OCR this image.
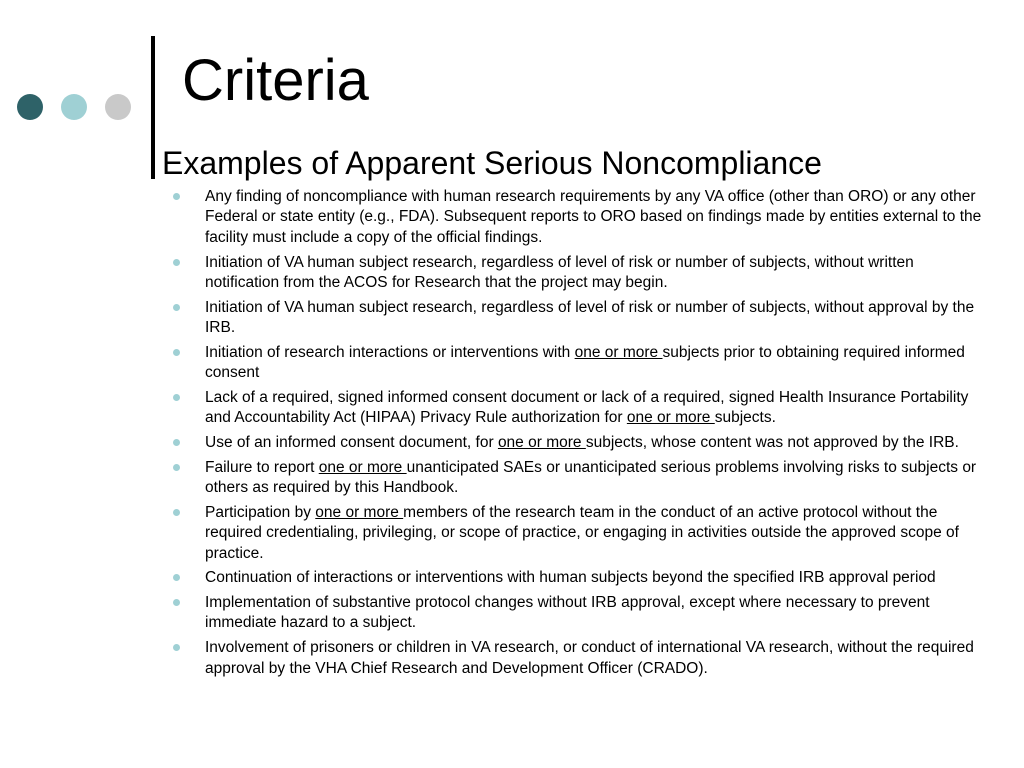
Criteria
Examples of Apparent Serious Noncompliance
Any finding of noncompliance with human research requirements by any VA office (other than ORO) or any other Federal or state entity (e.g., FDA). Subsequent reports to ORO based on findings made by entities external to the facility must include a copy of the official findings.
Initiation of VA human subject research, regardless of level of risk or number of subjects, without written notification from the ACOS for Research that the project may begin.
Initiation of VA human subject research, regardless of level of risk or number of subjects, without approval by the IRB.
Initiation of research interactions or interventions with one or more subjects prior to obtaining required informed consent
Lack of a required, signed informed consent document or lack of a required, signed Health Insurance Portability and Accountability Act (HIPAA) Privacy Rule authorization for one or more subjects.
Use of an informed consent document, for one or more subjects, whose content was not approved by the IRB.
Failure to report one or more unanticipated SAEs or unanticipated serious problems involving risks to subjects or others as required by this Handbook.
Participation by one or more members of the research team in the conduct of an active protocol without the required credentialing, privileging, or scope of practice, or engaging in activities outside the approved scope of practice.
Continuation of interactions or interventions with human subjects beyond the specified IRB approval period
Implementation of substantive protocol changes without IRB approval, except where necessary to prevent immediate hazard to a subject.
Involvement of prisoners or children in VA research, or conduct of international VA research, without the required approval by the VHA Chief Research and Development Officer (CRADO).
